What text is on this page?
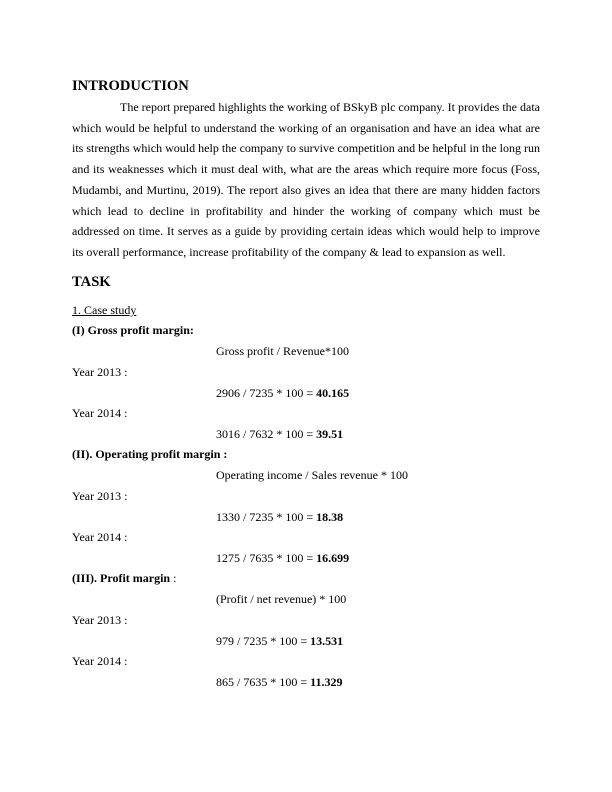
INTRODUCTION

The report prepared highlights the working of BSkyB plc company. It provides the data which would be helpful to understand the working of an organisation and have an idea what are its strengths which would help the company to survive competition and be helpful in the long run and its weaknesses which it must deal with, what are the areas which require more focus (Foss, Mudambi, and Murtinu, 2019). The report also gives an idea that there are many hidden factors which lead to decline in profitability and hinder the working of company which must be addressed on time. It serves as a guide by providing certain ideas which would help to improve its overall performance, increase profitability of the company & lead to expansion as well.

TASK
1. Case study
(I) Gross profit margin:
Gross profit / Revenue*100
Year 2013 :
2906 / 7235 * 100 = 40.165
Year 2014 :
3016 / 7632 * 100 = 39.51
(II). Operating profit margin :
Operating income / Sales revenue * 100
Year 2013 :
1330 / 7235 * 100 = 18.38
Year 2014 :
1275 / 7635 * 100 = 16.699
(III). Profit margin :
(Profit / net revenue) * 100
Year 2013 :
979 / 7235 * 100 = 13.531
Year 2014 :
865 / 7635 * 100 = 11.329
